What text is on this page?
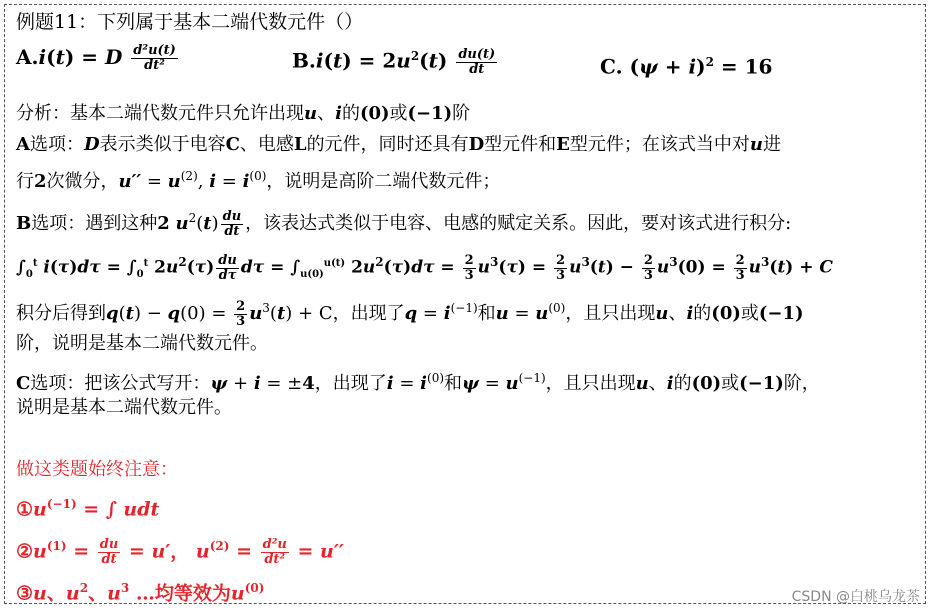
例题11：下列属于基本二端代数元件（）
A.i(t) = D $\frac{\text{d²u(t)}}{\text{dt²}}$	$B.i(t) = 2u^2(t) \frac{du(t)}{dt}$	C. $(\psi + i)^2 = 16$
分析：基本二端代数元件只允许出现u、i的(0)或(−1)阶
A选项：D表示类似于电容C、电感L的元件，同时还具有D型元件和E型元件；在该式当中对u进
行2次微分，$u'' = u^{(2)}$, $i = i^{(0)}$，说明是高阶二端代数元件；
B选项：遇到这种2 $u^2(t) \frac{du}{dt}$ ，该表达式类似于电容、电感的赋定关系。因此，要对该式进行积分:
$\int_0^t$ $i(\tau)d\tau = \int_0^t$ $2u^2(\tau) \frac{du}{d\tau}$ $d\tau = \int_{u(0)}^{u(t)}$ $2u^2(\tau)d\tau = \frac{2}{3} u^3(\tau) = \frac{2}{3} u^3(t) - \frac{2}{3} u^3(0) = \frac{2}{3} u^3(t) + C$
积分后得到$q(t) - q(0) = \frac{2}{3} u^3(t) + C$，出现了$q = i^{(-1)}$和$u = u^{(0)}$，且只出现u、i的(0)或(−1)
阶，说明是基本二端代数元件。
C选项：把该公式写开：ψ + i = ±4，出现了$i = i^{(0)}$和$\psi = u^{(-1)}$，且只出现u、i的(0)或(−1)阶，
说明是基本二端代数元件。
做这类题始终注意：
$①u^{(-1)}$ = ∫ udt
$②u^{(1)} = \frac{du}{dt} = u'$， $u^{(2)} = \frac{\text{d²u}}{\text{dt²}} = u''$
③u、$u^2$、$u^3$ …均等效为$u^{(0)}$
CSDN @白桃乌龙茶
